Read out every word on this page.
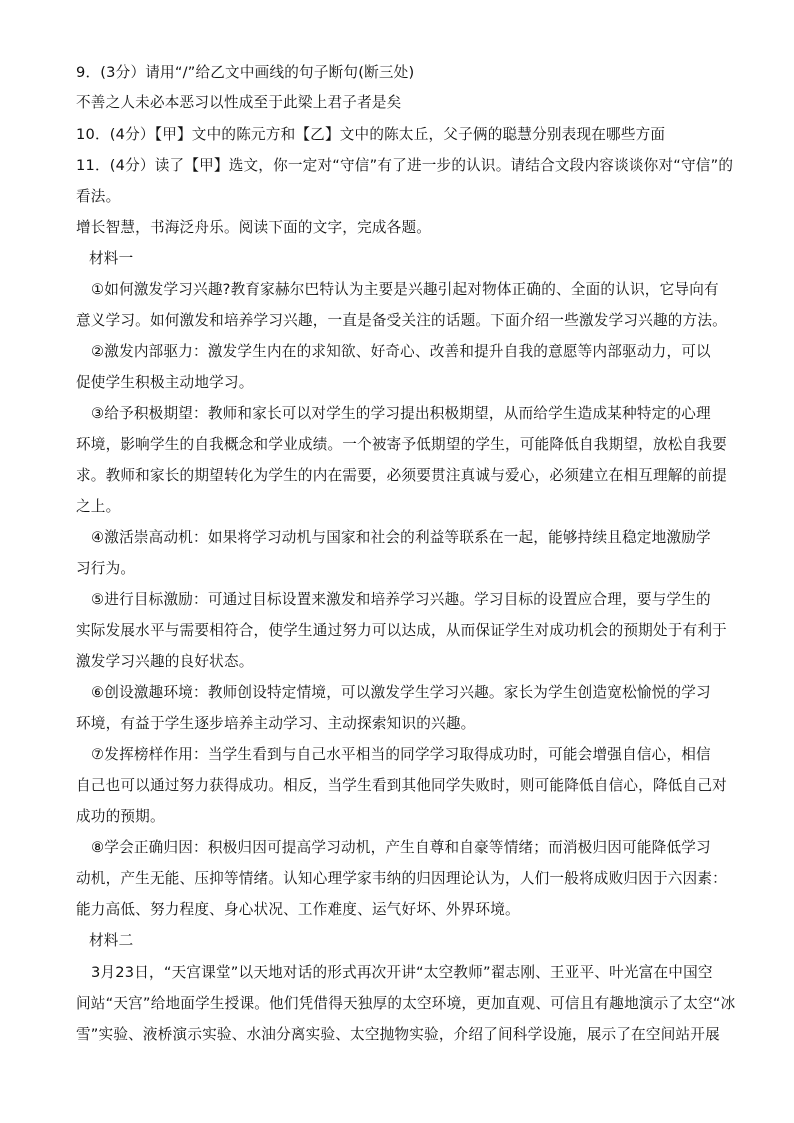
9．(3分）请用“/”给乙文中画线的句子断句(断三处)
不善之人未必本恶习以性成至于此梁上君子者是矣
10．(4分）【甲】文中的陈元方和【乙】文中的陈太丘，父子俩的聪慧分别表现在哪些方面
11．(4分）读了【甲】选文，你一定对“守信”有了进一步的认识。请结合文段内容谈谈你对“守信”的
看法。
增长智慧，书海泛舟乐。阅读下面的文字，完成各题。
材料一
①如何激发学习兴趣?教育家赫尔巴特认为主要是兴趣引起对物体正确的、全面的认识，它导向有
意义学习。如何激发和培养学习兴趣，一直是备受关注的话题。下面介绍一些激发学习兴趣的方法。
②激发内部驱力：激发学生内在的求知欲、好奇心、改善和提升自我的意愿等内部驱动力，可以
促使学生积极主动地学习。
③给予积极期望：教师和家长可以对学生的学习提出积极期望，从而给学生造成某种特定的心理
环境，影响学生的自我概念和学业成绩。一个被寄予低期望的学生，可能降低自我期望，放松自我要
求。教师和家长的期望转化为学生的内在需要，必须要贯注真诚与爱心，必须建立在相互理解的前提
之上。
④激活崇高动机：如果将学习动机与国家和社会的利益等联系在一起，能够持续且稳定地激励学
习行为。
⑤进行目标激励：可通过目标设置来激发和培养学习兴趣。学习目标的设置应合理，要与学生的
实际发展水平与需要相符合，使学生通过努力可以达成，从而保证学生对成功机会的预期处于有利于
激发学习兴趣的良好状态。
⑥创设激趣环境：教师创设特定情境，可以激发学生学习兴趣。家长为学生创造宽松愉悦的学习
环境，有益于学生逐步培养主动学习、主动探索知识的兴趣。
⑦发挥榜样作用：当学生看到与自己水平相当的同学学习取得成功时，可能会增强自信心，相信
自己也可以通过努力获得成功。相反，当学生看到其他同学失败时，则可能降低自信心，降低自己对
成功的预期。
⑧学会正确归因：积极归因可提高学习动机，产生自尊和自豪等情绪；而消极归因可能降低学习
动机，产生无能、压抑等情绪。认知心理学家韦纳的归因理论认为，人们一般将成败归因于六因素：
能力高低、努力程度、身心状况、工作难度、运气好坏、外界环境。
材料二
3月23日，“天宫课堂”以天地对话的形式再次开讲“太空教师”翟志刚、王亚平、叶光富在中国空
间站“天宫”给地面学生授课。他们凭借得天独厚的太空环境，更加直观、可信且有趣地演示了太空“冰
雪”实验、液桥演示实验、水油分离实验、太空抛物实验，介绍了间科学设施，展示了在空间站开展
